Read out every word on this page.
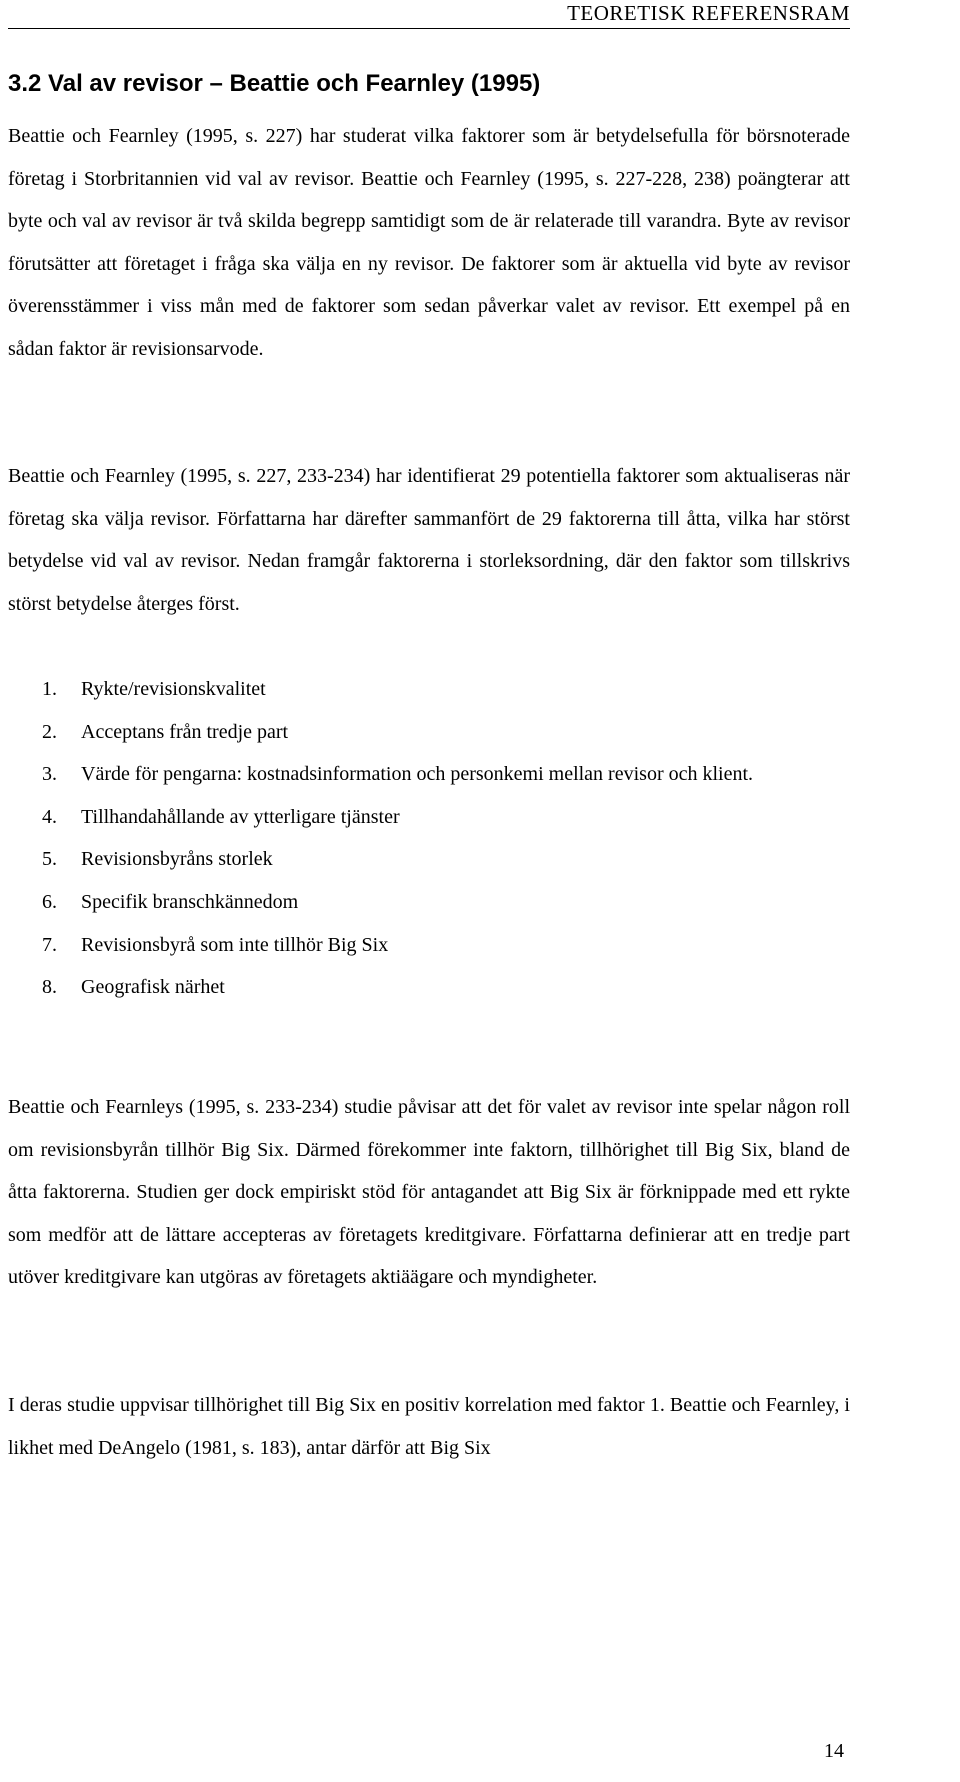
TEORETISK REFERENSRAM
3.2 Val av revisor – Beattie och Fearnley (1995)

Beattie och Fearnley (1995, s. 227) har studerat vilka faktorer som är betydelsefulla för börsnoterade företag i Storbritannien vid val av revisor. Beattie och Fearnley (1995, s. 227-228, 238) poängterar att byte och val av revisor är två skilda begrepp samtidigt som de är relaterade till varandra. Byte av revisor förutsätter att företaget i fråga ska välja en ny revisor. De faktorer som är aktuella vid byte av revisor överensstämmer i viss mån med de faktorer som sedan påverkar valet av revisor. Ett exempel på en sådan faktor är revisionsarvode.

Beattie och Fearnley (1995, s. 227, 233-234) har identifierat 29 potentiella faktorer som aktualiseras när företag ska välja revisor. Författarna har därefter sammanfört de 29 faktorerna till åtta, vilka har störst betydelse vid val av revisor. Nedan framgår faktorerna i storleksordning, där den faktor som tillskrivs störst betydelse återges först.

1.	Rykte/revisionskvalitet
2.	Acceptans från tredje part
3.	Värde för pengarna: kostnadsinformation och personkemi mellan revisor och klient.
4.	Tillhandahållande av ytterligare tjänster
5.	Revisionsbyråns storlek
6.	Specifik branschkännedom
7.	Revisionsbyrå som inte tillhör Big Six
8.	Geografisk närhet

Beattie och Fearnleys (1995, s. 233-234) studie påvisar att det för valet av revisor inte spelar någon roll om revisionsbyrån tillhör Big Six. Därmed förekommer inte faktorn, tillhörighet till Big Six, bland de åtta faktorerna. Studien ger dock empiriskt stöd för antagandet att Big Six är förknippade med ett rykte som medför att de lättare accepteras av företagets kreditgivare. Författarna definierar att en tredje part utöver kreditgivare kan utgöras av företagets aktiäägare och myndigheter.

I deras studie uppvisar tillhörighet till Big Six en positiv korrelation med faktor 1. Beattie och Fearnley, i likhet med DeAngelo (1981, s. 183), antar därför att Big Six

14
